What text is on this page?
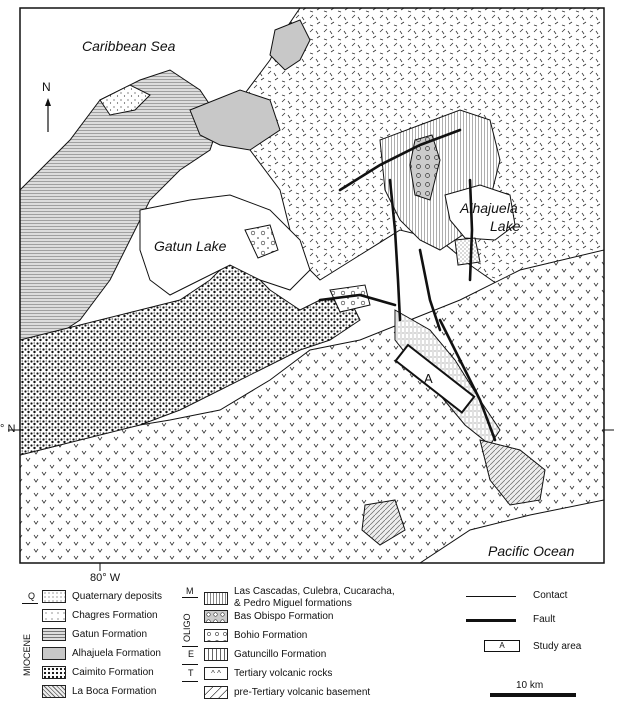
Caribbean Sea
Gatun Lake
Alhajuela
Lake
Pacific Ocean
N
A
° N
80° W
Q
MIOCENE
Quaternary deposits
Chagres Formation
Gatun Formation
Alhajuela Formation
Caimito Formation
La Boca Formation
M
OLIGO
E
T
Las Cascadas, Culebra, Cucaracha,
& Pedro Miguel formations
Bas Obispo Formation
Bohio Formation
Gatuncillo Formation
^ ^	Tertiary volcanic rocks
pre-Tertiary volcanic basement
Contact
Fault
A	Study area
10 km
